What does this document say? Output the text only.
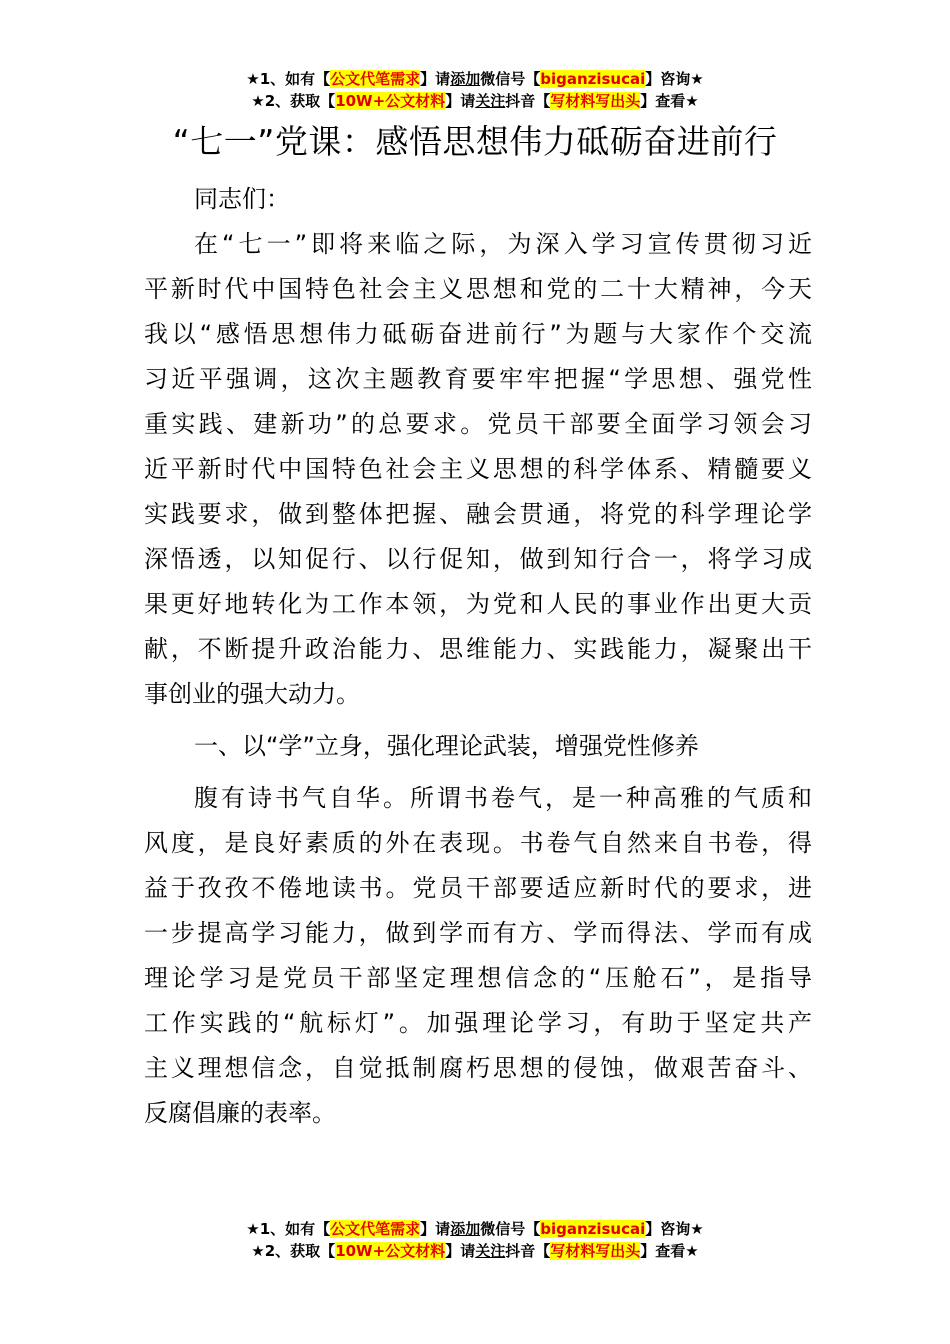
★1、如有【公文代笔需求】请添加微信号【biganzisucai】咨询★
★2、获取【10W+公文材料】请关注抖音【写材料写出头】查看★
“七一”党课：感悟思想伟力砥砺奋进前行
同志们：
在“七一”即将来临之际，为深入学习宣传贯彻习近
平新时代中国特色社会主义思想和党的二十大精神，今天
我以“感悟思想伟力砥砺奋进前行”为题与大家作个交流
习近平强调，这次主题教育要牢牢把握“学思想、强党性
重实践、建新功”的总要求。党员干部要全面学习领会习
近平新时代中国特色社会主义思想的科学体系、精髓要义
实践要求，做到整体把握、融会贯通，将党的科学理论学
深悟透，以知促行、以行促知，做到知行合一，将学习成
果更好地转化为工作本领，为党和人民的事业作出更大贡
献，不断提升政治能力、思维能力、实践能力，凝聚出干
事创业的强大动力。
一、以“学”立身，强化理论武装，增强党性修养
腹有诗书气自华。所谓书卷气，是一种高雅的气质和
风度，是良好素质的外在表现。书卷气自然来自书卷，得
益于孜孜不倦地读书。党员干部要适应新时代的要求，进
一步提高学习能力，做到学而有方、学而得法、学而有成
理论学习是党员干部坚定理想信念的“压舱石”，是指导
工作实践的“航标灯”。加强理论学习，有助于坚定共产
主义理想信念，自觉抵制腐朽思想的侵蚀，做艰苦奋斗、
反腐倡廉的表率。
★1、如有【公文代笔需求】请添加微信号【biganzisucai】咨询★
★2、获取【10W+公文材料】请关注抖音【写材料写出头】查看★
